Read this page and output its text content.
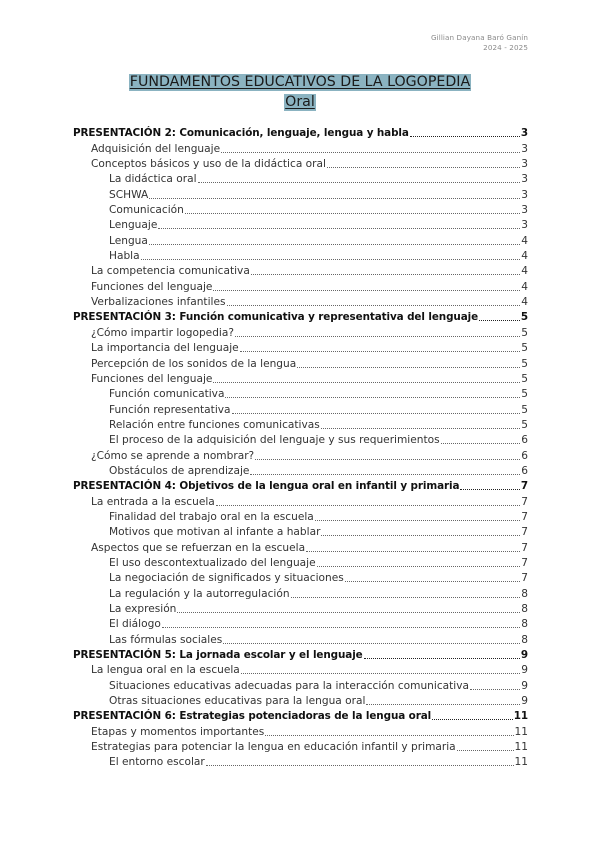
Gillian Dayana Baró Ganín
2024 - 2025
FUNDAMENTOS EDUCATIVOS DE LA LOGOPEDIA
Oral
PRESENTACIÓN 2: Comunicación, lenguaje, lengua y habla	3
Adquisición del lenguaje	3
Conceptos básicos y uso de la didáctica oral	3
La didáctica oral	3
SCHWA	3
Comunicación	3
Lenguaje	3
Lengua	4
Habla	4
La competencia comunicativa	4
Funciones del lenguaje	4
Verbalizaciones infantiles	4
PRESENTACIÓN 3: Función comunicativa y representativa del lenguaje	5
¿Cómo impartir logopedia?	5
La importancia del lenguaje	5
Percepción de los sonidos de la lengua	5
Funciones del lenguaje	5
Función comunicativa	5
Función representativa	5
Relación entre funciones comunicativas	5
El proceso de la adquisición del lenguaje y sus requerimientos	6
¿Cómo se aprende a nombrar?	6
Obstáculos de aprendizaje	6
PRESENTACIÓN 4: Objetivos de la lengua oral en infantil y primaria	7
La entrada a la escuela	7
Finalidad del trabajo oral en la escuela	7
Motivos que motivan al infante a hablar	7
Aspectos que se refuerzan en la escuela	7
El uso descontextualizado del lenguaje	7
La negociación de significados y situaciones	7
La regulación y la autorregulación	8
La expresión	8
El diálogo	8
Las fórmulas sociales	8
PRESENTACIÓN 5: La jornada escolar y el lenguaje	9
La lengua oral en la escuela	9
Situaciones educativas adecuadas para la interacción comunicativa	9
Otras situaciones educativas para la lengua oral	9
PRESENTACIÓN 6: Estrategias potenciadoras de la lengua oral	11
Etapas y momentos importantes	11
Estrategias para potenciar la lengua en educación infantil y primaria	11
El entorno escolar	11
